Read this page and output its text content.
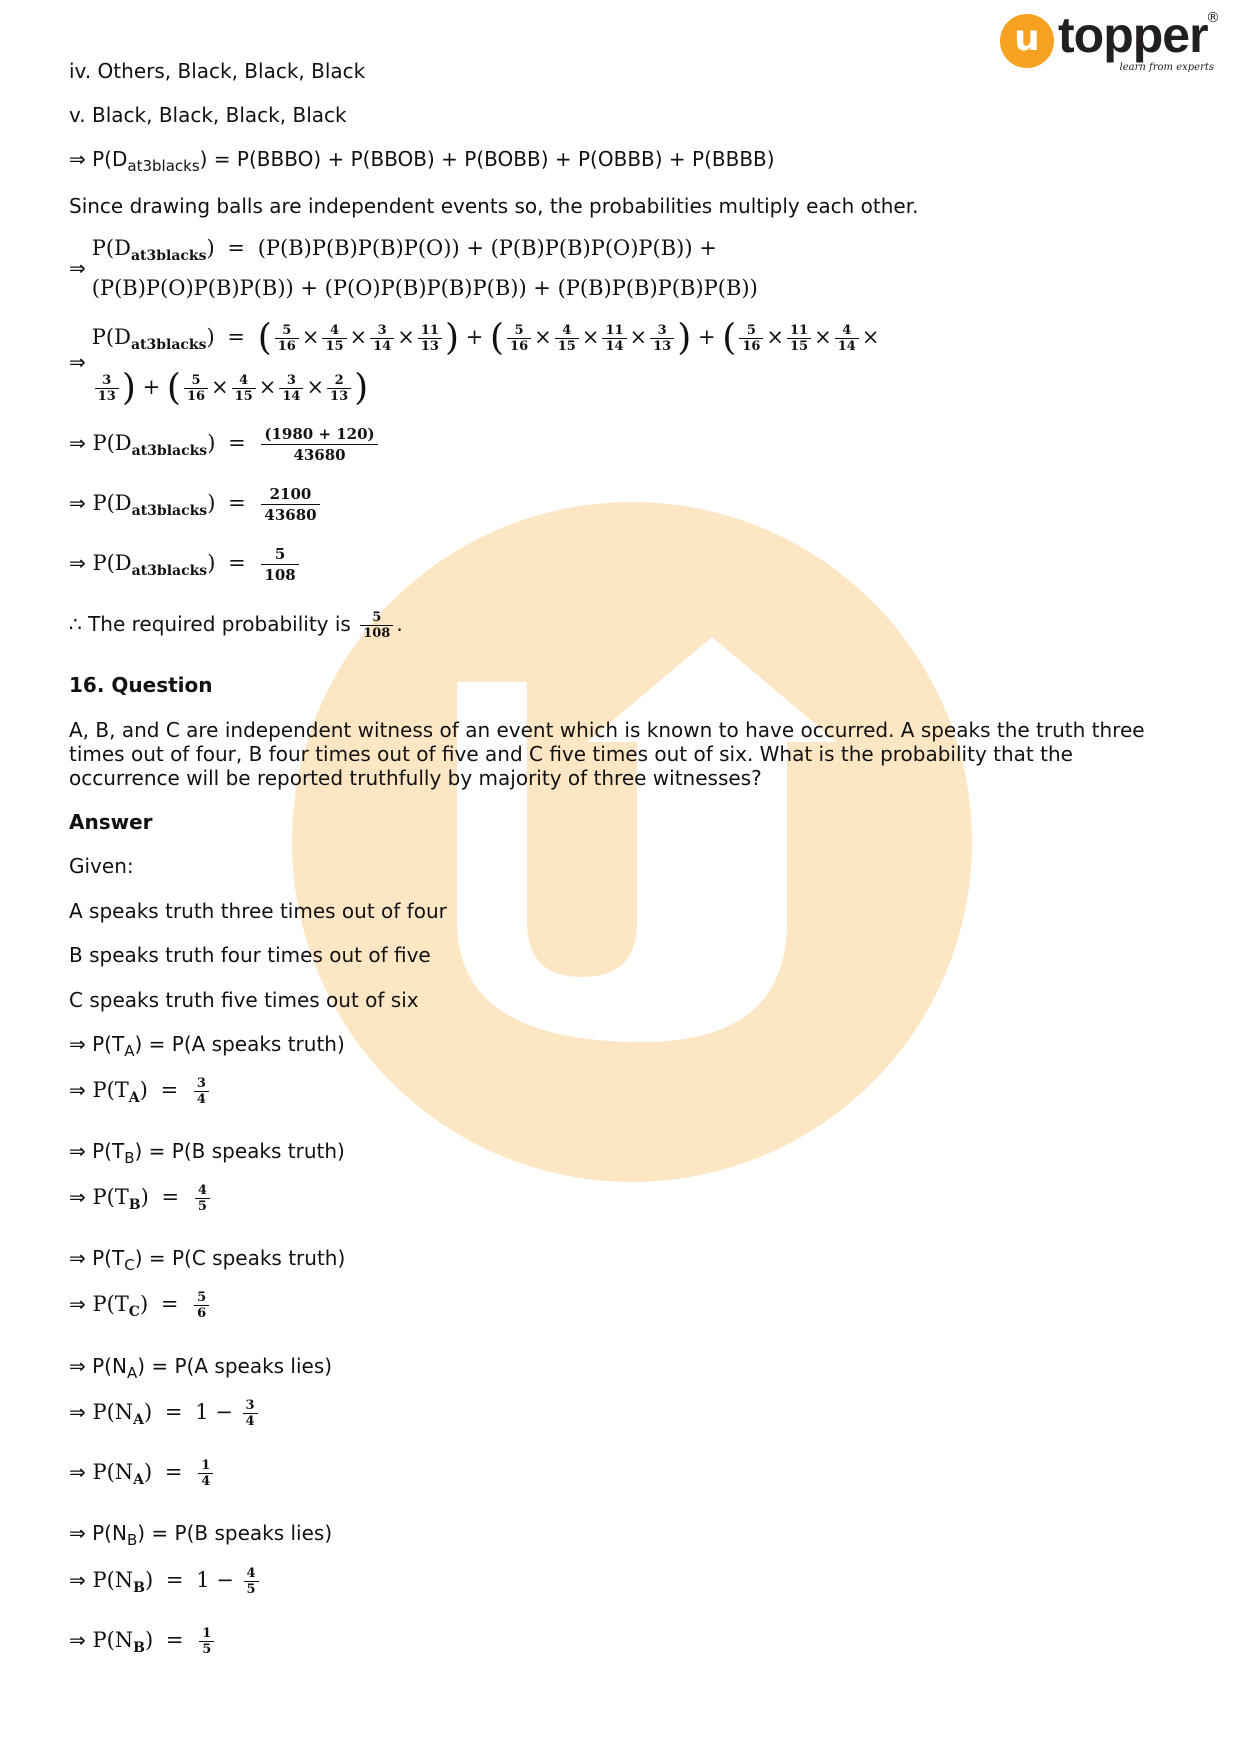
u topper
®
learn from experts
iv. Others, Black, Black, Black
v. Black, Black, Black, Black
⇒ $P(D_{at3blacks})$ = P(BBBO) + P(BBOB) + P(BOBB) + P(OBBB) + P(BBBB)
Since drawing balls are independent events so, the probabilities multiply each other.
⇒
$P(D_{at3blacks}) = (P(B)P(B)P(B)P(O)) + (P(B)P(B)P(O)P(B))$ +
(P(B)P(O)P(B)P(B)) + (P(O)P(B)P(B)P(B)) + (P(B)P(B)P(B)P(B))
⇒
$P(D_{at3blacks})$ = ( $\frac{5}{16} \times \frac{4}{15} \times \frac{3}{14} \times \frac{11}{13}$ ) + ( $\frac{5}{16} \times \frac{4}{15} \times \frac{11}{14} \times \frac{3}{13}$ ) + ( $\frac{5}{16} \times \frac{11}{15} \times \frac{4}{14}$ ×
$\frac{3}{13}$ ) + ( $\frac{5}{16} \times \frac{4}{15} \times \frac{3}{14} \times \frac{2}{13}$ )
⇒ $P(D_{at3blacks}) = \frac{(1980 + 120)}{43680}$
⇒ $P(D_{at3blacks}) = \frac{2100}{43680}$
⇒ $P(D_{at3blacks}) = \frac{5}{108}$
∴ The required probability is $\frac{5}{108}$ .
16. Question
A, B, and C are independent witness of an event which is known to have occurred. A speaks the truth three times out of four, B four times out of five and C five times out of six. What is the probability that the occurrence will be reported truthfully by majority of three witnesses?
Answer
Given:
A speaks truth three times out of four
B speaks truth four times out of five
C speaks truth five times out of six
⇒ $P(T_A) = P(A$ speaks truth)
⇒ $P(T_A) = \frac{3}{4}$
⇒ $P(T_B) = P(B$ speaks truth)
⇒ $P(T_B) = \frac{4}{5}$
⇒ $P(T_C) = P(C$ speaks truth)
⇒ $P(T_C) = \frac{5}{6}$
⇒ $P(N_A) = P(A$ speaks lies)
⇒ $P(N_A) = 1 - \frac{3}{4}$
⇒ $P(N_A) = \frac{1}{4}$
⇒ $P(N_B) = P(B$ speaks lies)
⇒ $P(N_B) = 1 - \frac{4}{5}$
⇒ $P(N_B) = \frac{1}{5}$
